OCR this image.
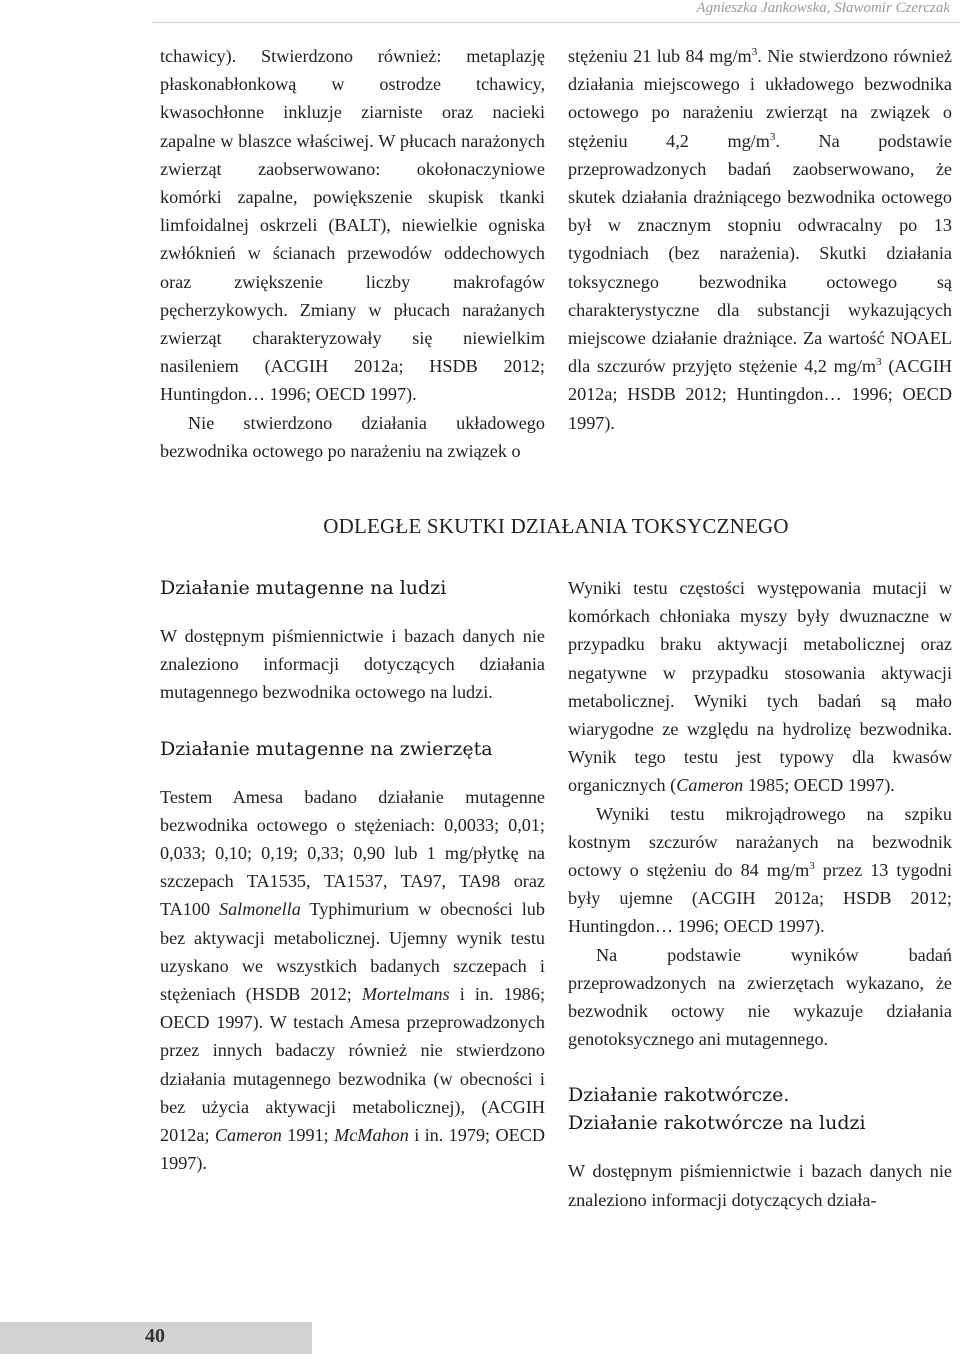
Agnieszka Jankowska, Sławomir Czerczak

tchawicy). Stwierdzono również: metaplazję płaskonabłonkową w ostrodze tchawicy, kwasochłonne inkluzje ziarniste oraz nacieki zapalne w blaszce właściwej. W płucach narażonych zwierząt zaobserwowano: okołonaczyniowe komórki zapalne, powiększenie skupisk tkanki limfoidalnej oskrzeli (BALT), niewielkie ogniska zwłóknień w ścianach przewodów oddechowych oraz zwiększenie liczby makrofagów pęcherzykowych. Zmiany w płucach narażanych zwierząt charakteryzowały się niewielkim nasileniem (ACGIH 2012a; HSDB 2012; Huntingdon… 1996; OECD 1997).

Nie stwierdzono działania układowego bezwodnika octowego po narażeniu na związek o

stężeniu 21 lub 84 $mg/m^3$. Nie stwierdzono również działania miejscowego i układowego bezwodnika octowego po narażeniu zwierząt na związek o stężeniu 4,2 $mg/m^3$. Na podstawie przeprowadzonych badań zaobserwowano, że skutek działania drażniącego bezwodnika octowego był w znacznym stopniu odwracalny po 13 tygodniach (bez narażenia). Skutki działania toksycznego bezwodnika octowego są charakterystyczne dla substancji wykazujących miejscowe działanie drażniące. Za wartość NOAEL dla szczurów przyjęto stężenie 4,2 $mg/m^3$ (ACGIH 2012a; HSDB 2012; Huntingdon… 1996; OECD 1997).

ODLEGŁE SKUTKI DZIAŁANIA TOKSYCZNEGO
Działanie mutagenne na ludzi

W dostępnym piśmiennictwie i bazach danych nie znaleziono informacji dotyczących działania mutagennego bezwodnika octowego na ludzi.

Działanie mutagenne na zwierzęta

Testem Amesa badano działanie mutagenne bezwodnika octowego o stężeniach: 0,0033; 0,01; 0,033; 0,10; 0,19; 0,33; 0,90 lub 1 mg/płytkę na szczepach TA1535, TA1537, TA97, TA98 oraz TA100 Salmonella Typhimurium w obecności lub bez aktywacji metabolicznej. Ujemny wynik testu uzyskano we wszystkich badanych szczepach i stężeniach (HSDB 2012; Mortelmans i in. 1986; OECD 1997). W testach Amesa przeprowadzonych przez innych badaczy również nie stwierdzono działania mutagennego bezwodnika (w obecności i bez użycia aktywacji metabolicznej), (ACGIH 2012a; Cameron 1991; McMahon i in. 1979; OECD 1997).

Wyniki testu częstości występowania mutacji w komórkach chłoniaka myszy były dwuznaczne w przypadku braku aktywacji metabolicznej oraz negatywne w przypadku stosowania aktywacji metabolicznej. Wyniki tych badań są mało wiarygodne ze względu na hydrolizę bezwodnika. Wynik tego testu jest typowy dla kwasów organicznych (Cameron 1985; OECD 1997).

Wyniki testu mikrojądrowego na szpiku kostnym szczurów narażanych na bezwodnik octowy o stężeniu do 84 $mg/m^3$ przez 13 tygodni były ujemne (ACGIH 2012a; HSDB 2012; Huntingdon… 1996; OECD 1997).

Na podstawie wyników badań przeprowadzonych na zwierzętach wykazano, że bezwodnik octowy nie wykazuje działania genotoksycznego ani mutagennego.

Działanie rakotwórcze.
Działanie rakotwórcze na ludzi

W dostępnym piśmiennictwie i bazach danych nie znaleziono informacji dotyczących działa-

40
